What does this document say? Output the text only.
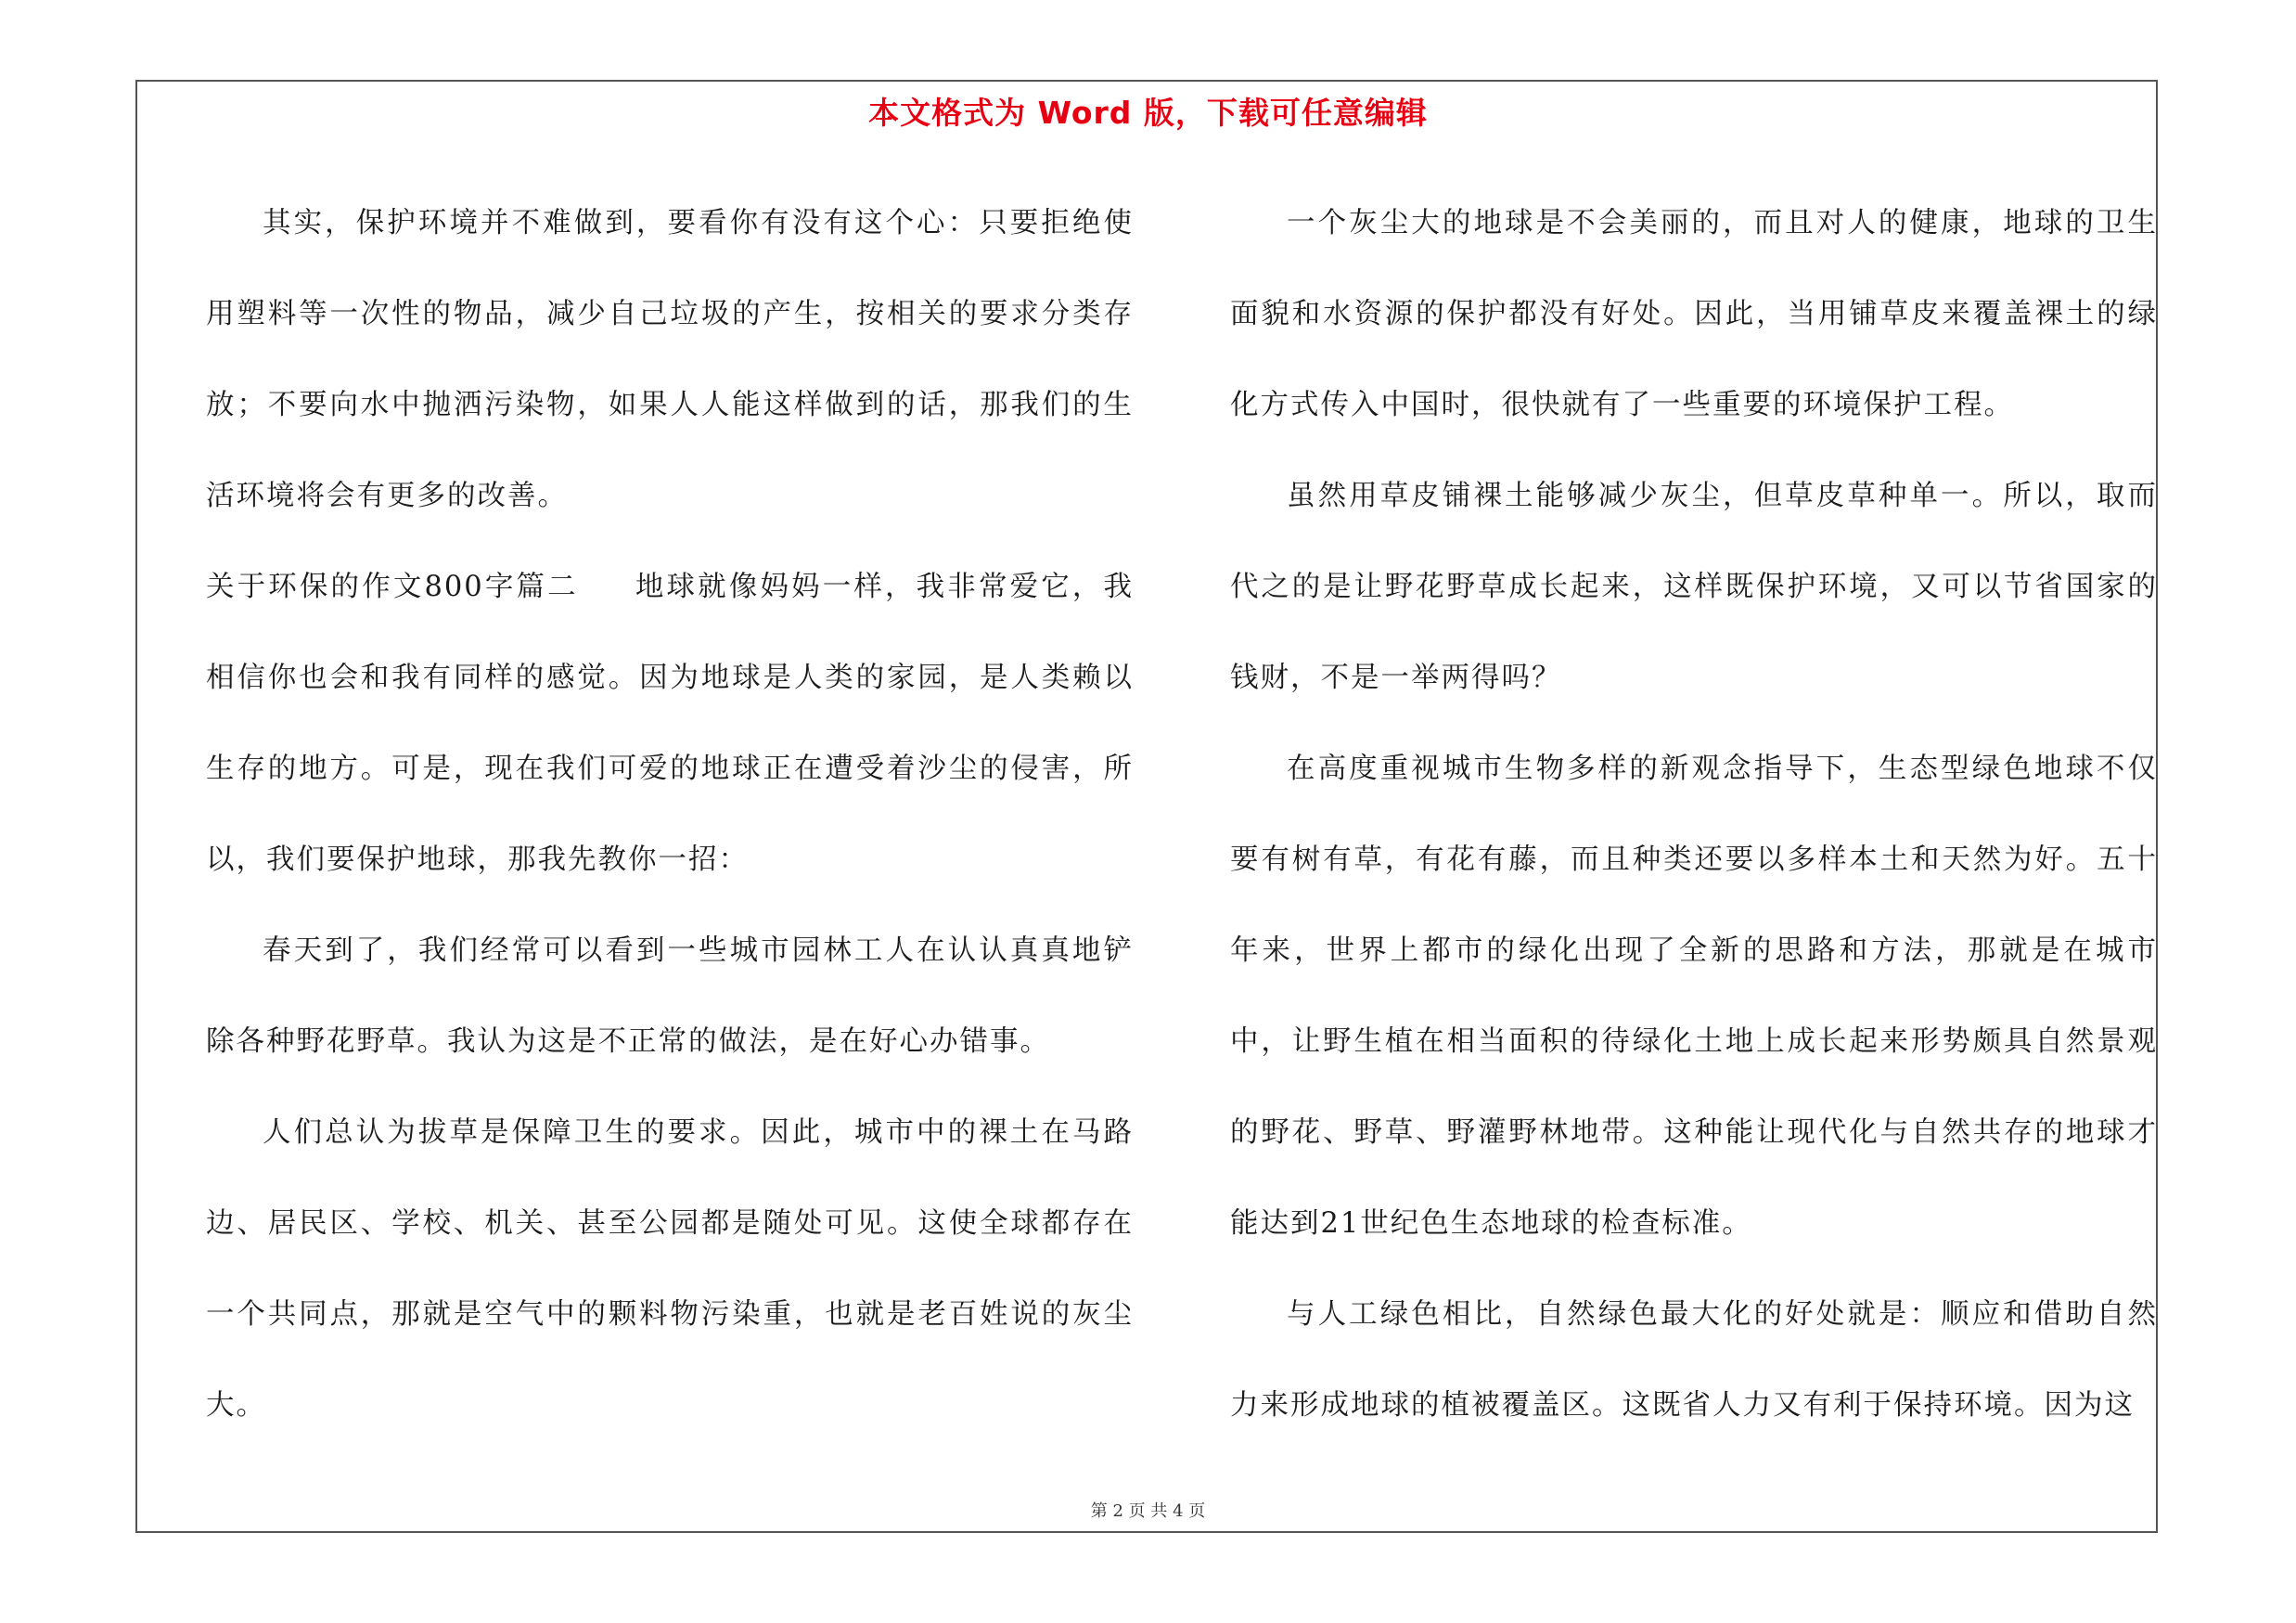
本文格式为 Word 版，下载可任意编辑

其实，保护环境并不难做到，要看你有没有这个心：只要拒绝使用塑料等一次性的物品，减少自己垃圾的产生，按相关的要求分类存放；不要向水中抛洒污染物，如果人人能这样做到的话，那我们的生活环境将会有更多的改善。

关于环保的作文800字篇二 地球就像妈妈一样，我非常爱它，我相信你也会和我有同样的感觉。因为地球是人类的家园，是人类赖以生存的地方。可是，现在我们可爱的地球正在遭受着沙尘的侵害，所以，我们要保护地球，那我先教你一招：

春天到了，我们经常可以看到一些城市园林工人在认认真真地铲除各种野花野草。我认为这是不正常的做法，是在好心办错事。

人们总认为拔草是保障卫生的要求。因此，城市中的裸土在马路边、居民区、学校、机关、甚至公园都是随处可见。这使全球都存在一个共同点，那就是空气中的颗料物污染重，也就是老百姓说的灰尘大。

一个灰尘大的地球是不会美丽的，而且对人的健康，地球的卫生面貌和水资源的保护都没有好处。因此，当用铺草皮来覆盖裸土的绿化方式传入中国时，很快就有了一些重要的环境保护工程。

虽然用草皮铺裸土能够减少灰尘，但草皮草种单一。所以，取而代之的是让野花野草成长起来，这样既保护环境，又可以节省国家的钱财，不是一举两得吗？

在高度重视城市生物多样的新观念指导下，生态型绿色地球不仅要有树有草，有花有藤，而且种类还要以多样本土和天然为好。五十年来，世界上都市的绿化出现了全新的思路和方法，那就是在城市中，让野生植在相当面积的待绿化土地上成长起来形势颇具自然景观的野花、野草、野灌野林地带。这种能让现代化与自然共存的地球才能达到21世纪色生态地球的检查标准。

与人工绿色相比，自然绿色最大化的好处就是：顺应和借助自然力来形成地球的植被覆盖区。这既省人力又有利于保持环境。因为这

第 2 页 共 4 页
